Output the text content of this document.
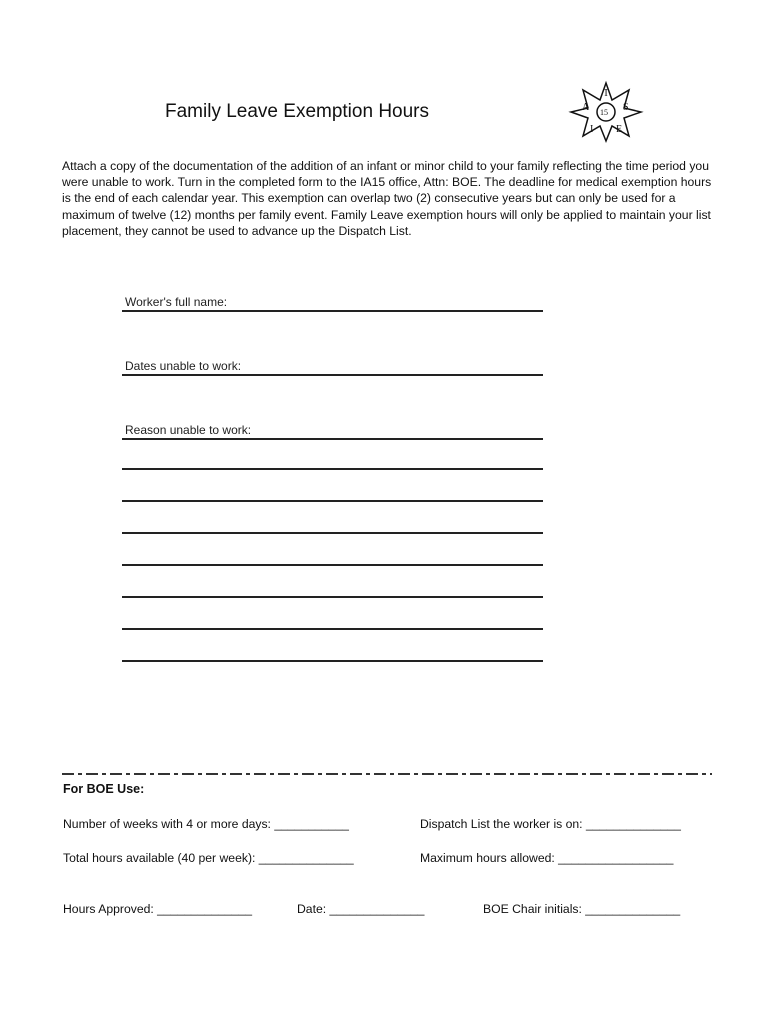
Family Leave Exemption Hours	A
T
S
E
I
15

Attach a copy of the documentation of the addition of an infant or minor child to your family reflecting the time period you were unable to work. Turn in the completed form to the IA15 office, Attn: BOE. The deadline for medical exemption hours is the end of each calendar year. This exemption can overlap two (2) consecutive years but can only be used for a maximum of twelve (12) months per family event. Family Leave exemption hours will only be applied to maintain your list placement, they cannot be used to advance up the Dispatch List.

Worker's full name:
Dates unable to work:
Reason unable to work:

For BOE Use:

Number of weeks with 4 or more days: ___________	Dispatch List the worker is on: ______________
Total hours available (40 per week): ______________	Maximum hours allowed: _________________
Hours Approved: ______________	Date: ______________	BOE Chair initials: ______________
